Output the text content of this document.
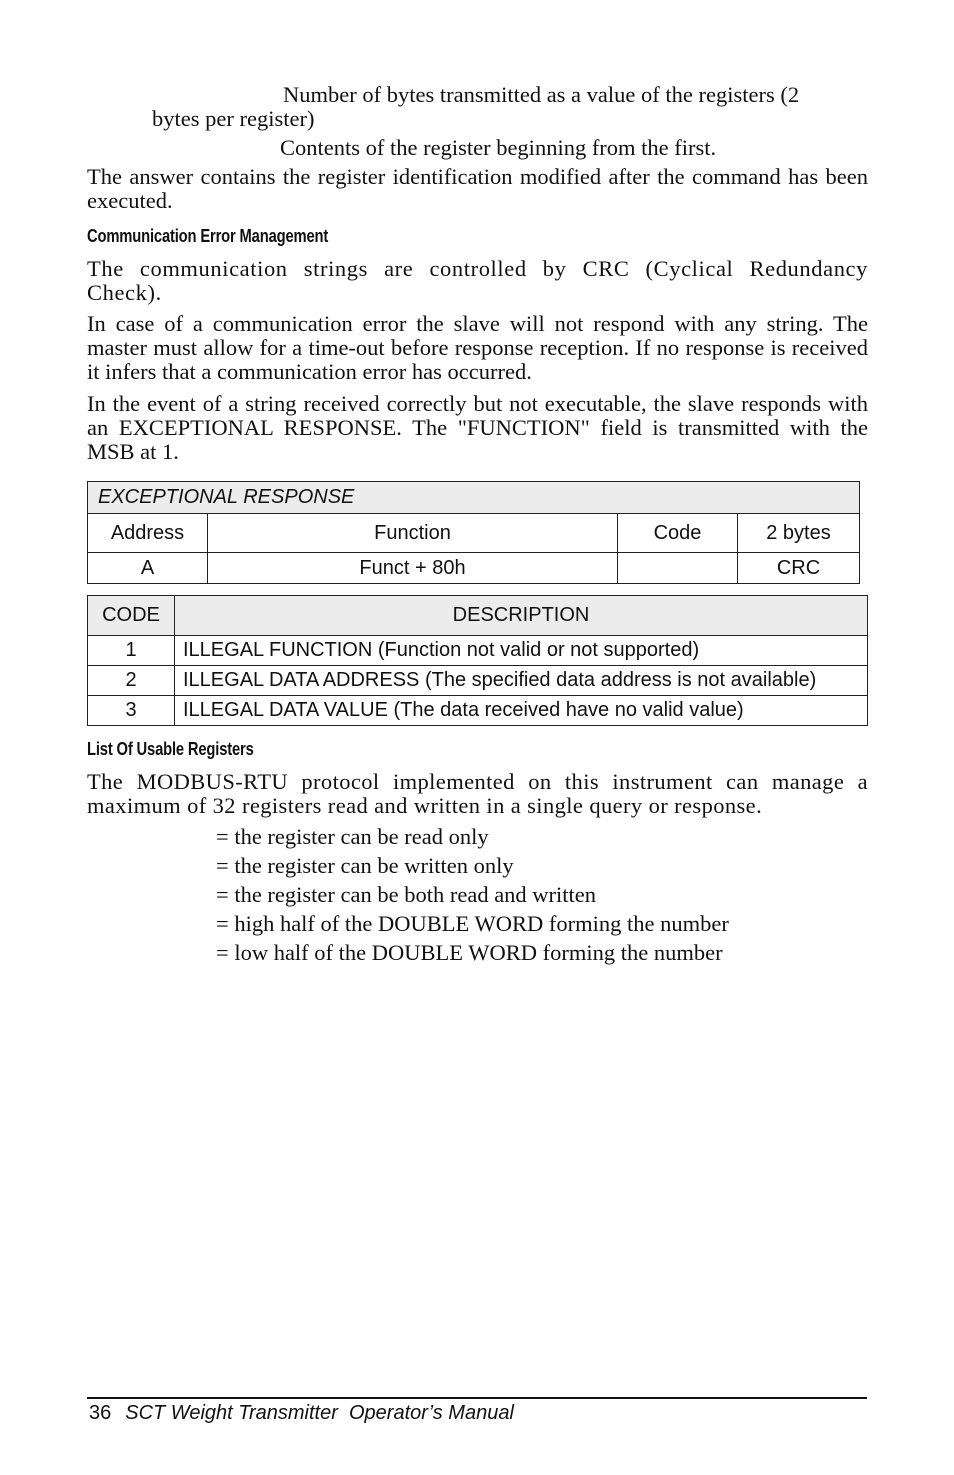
Number of bytes transmitted as a value of the registers (2
bytes per register)
Contents of the register beginning from the first.
The answer contains the register identification modified after the command has been executed.
Communication Error Management
The communication strings are controlled by CRC (Cyclical Redundancy Check).
In case of a communication error the slave will not respond with any string. The master must allow for a time-out before response reception. If no response is received it infers that a communication error has occurred.
In the event of a string received correctly but not executable, the slave responds with an EXCEPTIONAL RESPONSE. The "FUNCTION" field is transmitted with the MSB at 1.
EXCEPTIONAL RESPONSE			
Address	Function	Code	2 bytes
A	Funct + 80h		CRC
CODE	DESCRIPTION
1	ILLEGAL FUNCTION (Function not valid or not supported)
2	ILLEGAL DATA ADDRESS (The specified data address is not available)
3	ILLEGAL DATA VALUE (The data received have no valid value)
List Of Usable Registers
The MODBUS-RTU protocol implemented on this instrument can manage a maximum of 32 registers read and written in a single query or response.
= the register can be read only
= the register can be written only
= the register can be both read and written
= high half of the DOUBLE WORD forming the number
= low half of the DOUBLE WORD forming the number
36 SCT Weight Transmitter  Operator’s Manual
